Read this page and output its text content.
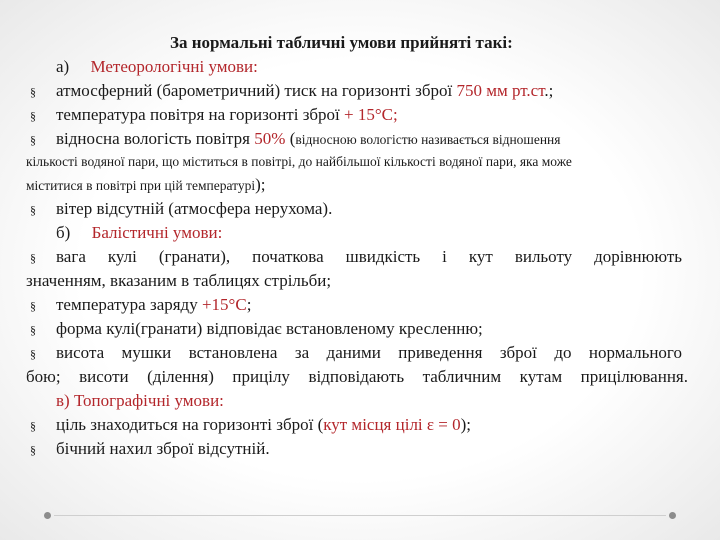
За нормальні табличні умови прийняті такі:
а) Метеорологічні умови:
§ атмосферний (барометричний) тиск на горизонті зброї 750 мм рт.ст.;
§ температура повітря на горизонті зброї + 15°С;
§ відносна вологість повітря 50% (відносною вологістю називається відношення
кількості водяної пари, що міститься в повітрі, до найбільшої кількості водяної пари, яка може
міститися в повітрі при цій температурі);
§ вітер відсутній (атмосфера нерухома).
б) Балістичні умови:
§ вага кулі (гранати), початкова швидкість і кут вильоту дорівнюють
значенням, вказаним в таблицях стрільби;
§ температура заряду +15°С;
§ форма кулі(гранати) відповідає встановленому кресленню;
§ висота мушки встановлена за даними приведення зброї до нормального
бою; висоти (ділення) прицілу відповідають табличним кутам прицілювання.
в) Топографічні умови:
§ ціль знаходиться на горизонті зброї (кут місця цілі ε = 0);
§ бічний нахил зброї відсутній.
